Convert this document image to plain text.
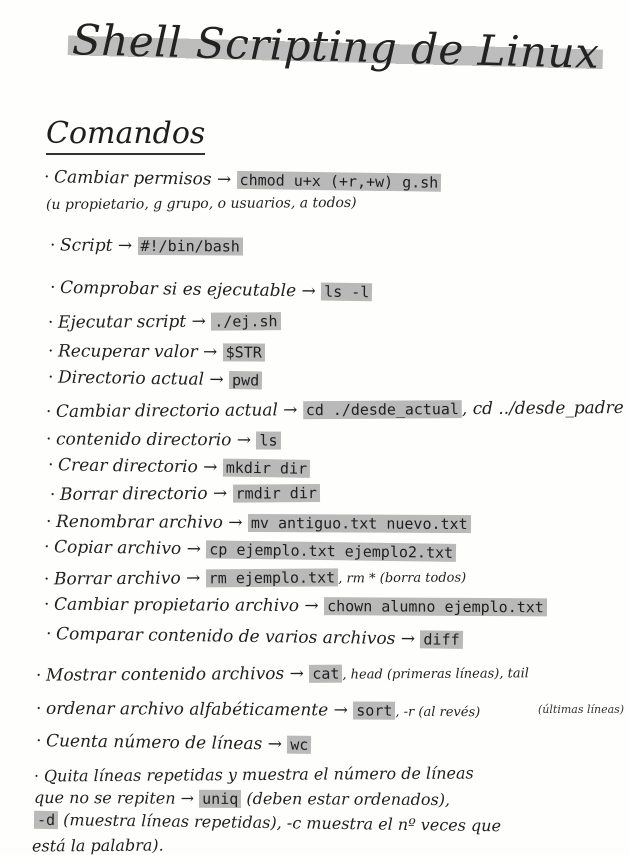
Shell Scripting de Linux
Comandos
· Cambiar permisos → chmod u+x (+r,+w) g.sh
(u propietario, g grupo, o usuarios, a todos)
· Script → #!/bin/bash
· Comprobar si es ejecutable → ls -l
· Ejecutar script → ./ej.sh
· Recuperar valor → $STR
· Directorio actual → pwd
· Cambiar directorio actual → cd ./desde_actual , cd ../desde_padre
· contenido directorio → ls
· Crear directorio → mkdir dir
· Borrar directorio → rmdir dir
· Renombrar archivo → mv antiguo.txt nuevo.txt
· Copiar archivo → cp ejemplo.txt ejemplo2.txt
· Borrar archivo → rm ejemplo.txt , rm * (borra todos)
· Cambiar propietario archivo → chown alumno ejemplo.txt
· Comparar contenido de varios archivos → diff
· Mostrar contenido archivos → cat , head (primeras líneas), tail
· ordenar archivo alfabéticamente → sort , -r (al revés)
· Cuenta número de líneas → wc
· Quita líneas repetidas y muestra el número de líneas
que no se repiten → uniq (deben estar ordenados),
-d (muestra líneas repetidas), -c muestra el nº veces que
está la palabra).
(últimas líneas)
